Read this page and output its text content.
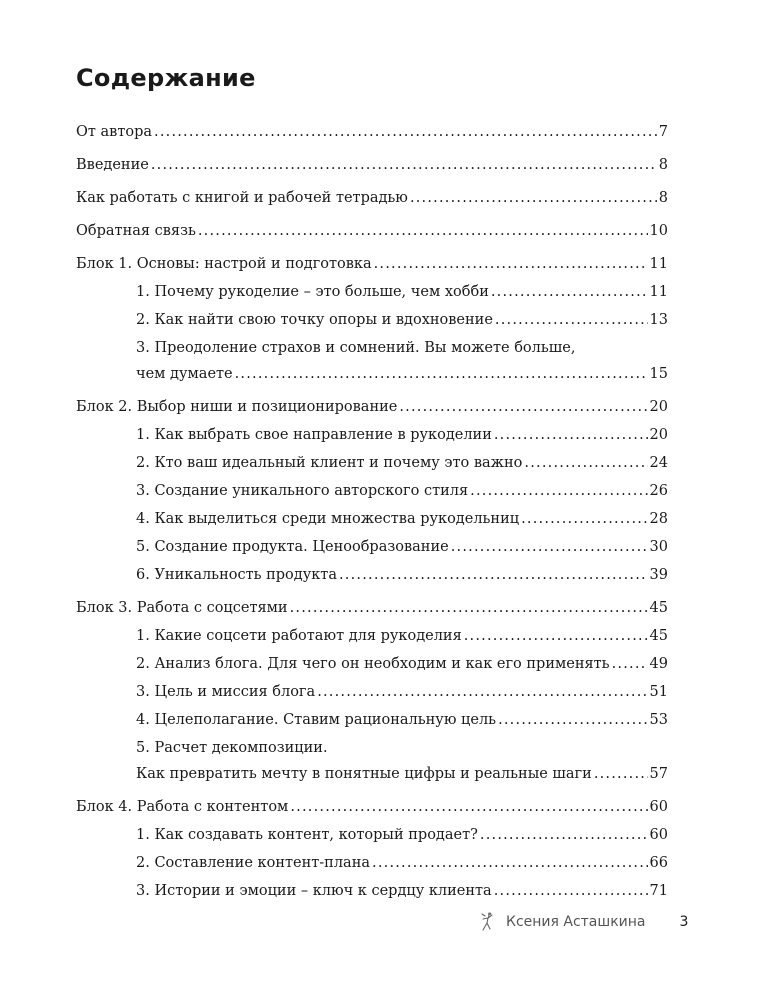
Содержание
От автора .....	7
Введение .....	8
Как работать с книгой и рабочей тетрадью .....	8
Обратная связь .....	10
Блок 1. Основы: настрой и подготовка .....	11
1. Почему рукоделие – это больше, чем хобби .....	11
2. Как найти свою точку опоры и вдохновение .....	13
3. Преодоление страхов и сомнений. Вы можете больше,
чем думаете .....	15
Блок 2. Выбор ниши и позиционирование .....	20
1. Как выбрать свое направление в рукоделии .....	20
2. Кто ваш идеальный клиент и почему это важно .....	24
3. Создание уникального авторского стиля .....	26
4. Как выделиться среди множества рукодельниц .....	28
5. Создание продукта. Ценообразование .....	30
6. Уникальность продукта .....	39
Блок 3. Работа с соцсетями .....	45
1. Какие соцсети работают для рукоделия .....	45
2. Анализ блога. Для чего он необходим и как его применять .....	49
3. Цель и миссия блога .....	51
4. Целеполагание. Ставим рациональную цель .....	53
5. Расчет декомпозиции.
Как превратить мечту в понятные цифры и реальные шаги .....	57
Блок 4. Работа с контентом .....	60
1. Как создавать контент, который продает? .....	60
2. Составление контент-плана .....	66
3. Истории и эмоции – ключ к сердцу клиента .....	71
Ксения Асташкина 3
